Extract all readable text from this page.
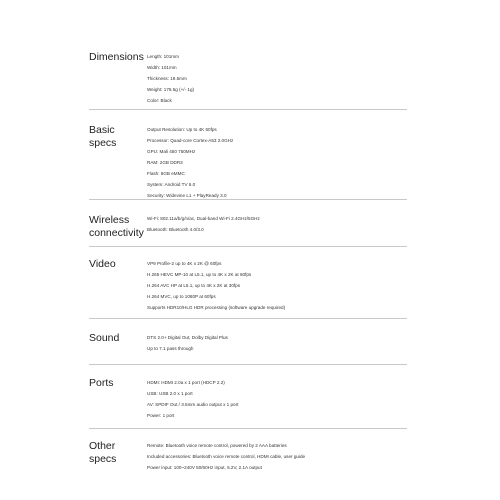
Dimensions Length: 101mm
Width: 101mm
Thickness: 19.5mm
Weight: 176.5g (+/- 1g)
Color: Black
Basic specs
Output Resolution: Up to 4K 60fps
Processor: Quad-core Cortex-A53 2.0GHz
GPU: Mali 450 750MHz
RAM: 2GB DDR3
Flash: 8GB eMMC
System: Android TV 6.0
Security: Widevine L1 + PlayReady 3.0
Wireless connectivity
Wi-Fi: 802.11a/b/g/n/ac, Dual-band Wi-Fi 2.4GHz/5GHz
Bluetooth: Bluetooth 4.0/3.0
Video	VP9 Profile-2 up to 4K x 2K @ 60fps
H.265 HEVC MP-10 at L5.1, up to 4K x 2K at 60fps
H.264 AVC HP at L5.1, up to 4K x 2K at 30fps
H.264 MVC, up to 1080P at 60fps
Supports HDR10/HLG HDR processing (software upgrade required)
Sound	DTS 2.0+ Digital Out, Dolby Digital Plus
Up to 7.1 pass through
Ports	HDMI: HDMI 2.0a x 1 port (HDCP 2.2)
USB: USB 2.0 x 1 port
AV: SPDIF Out / 3.5mm audio output x 1 port
Power: 1 port
Other specs
Remote: Bluetooth voice remote control, powered by 2 AAA batteries
Included accessories: Bluetooth voice remote control, HDMI cable, user guide
Power input: 100~240V 50/60Hz input, 5.2V, 2.1A output
